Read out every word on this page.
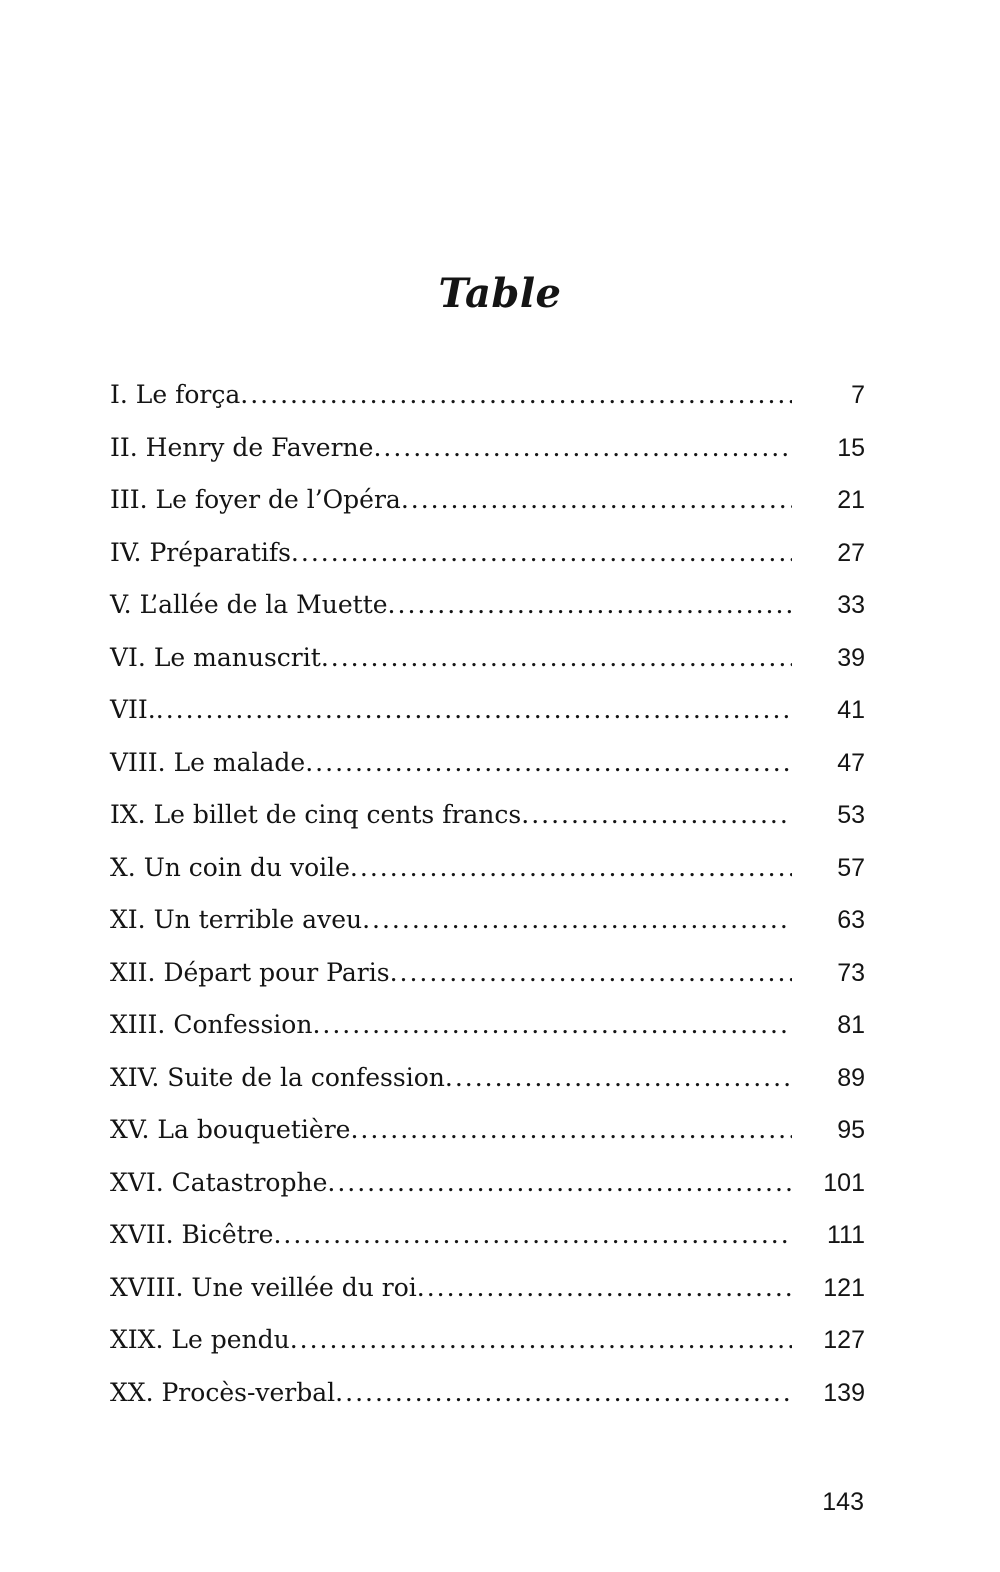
Table
I. Le força .....	7
II. Henry de Faverne .....	15
III. Le foyer de l’Opéra .....	21
IV. Préparatifs .....	27
V. L’allée de la Muette .....	33
VI. Le manuscrit .....	39
VII. .....	41
VIII. Le malade .....	47
IX. Le billet de cinq cents francs .....	53
X. Un coin du voile .....	57
XI. Un terrible aveu .....	63
XII. Départ pour Paris .....	73
XIII. Confession .....	81
XIV. Suite de la confession .....	89
XV. La bouquetière .....	95
XVI. Catastrophe .....	101
XVII. Bicêtre .....	111
XVIII. Une veillée du roi .....	121
XIX. Le pendu .....	127
XX. Procès-verbal .....	139
143
